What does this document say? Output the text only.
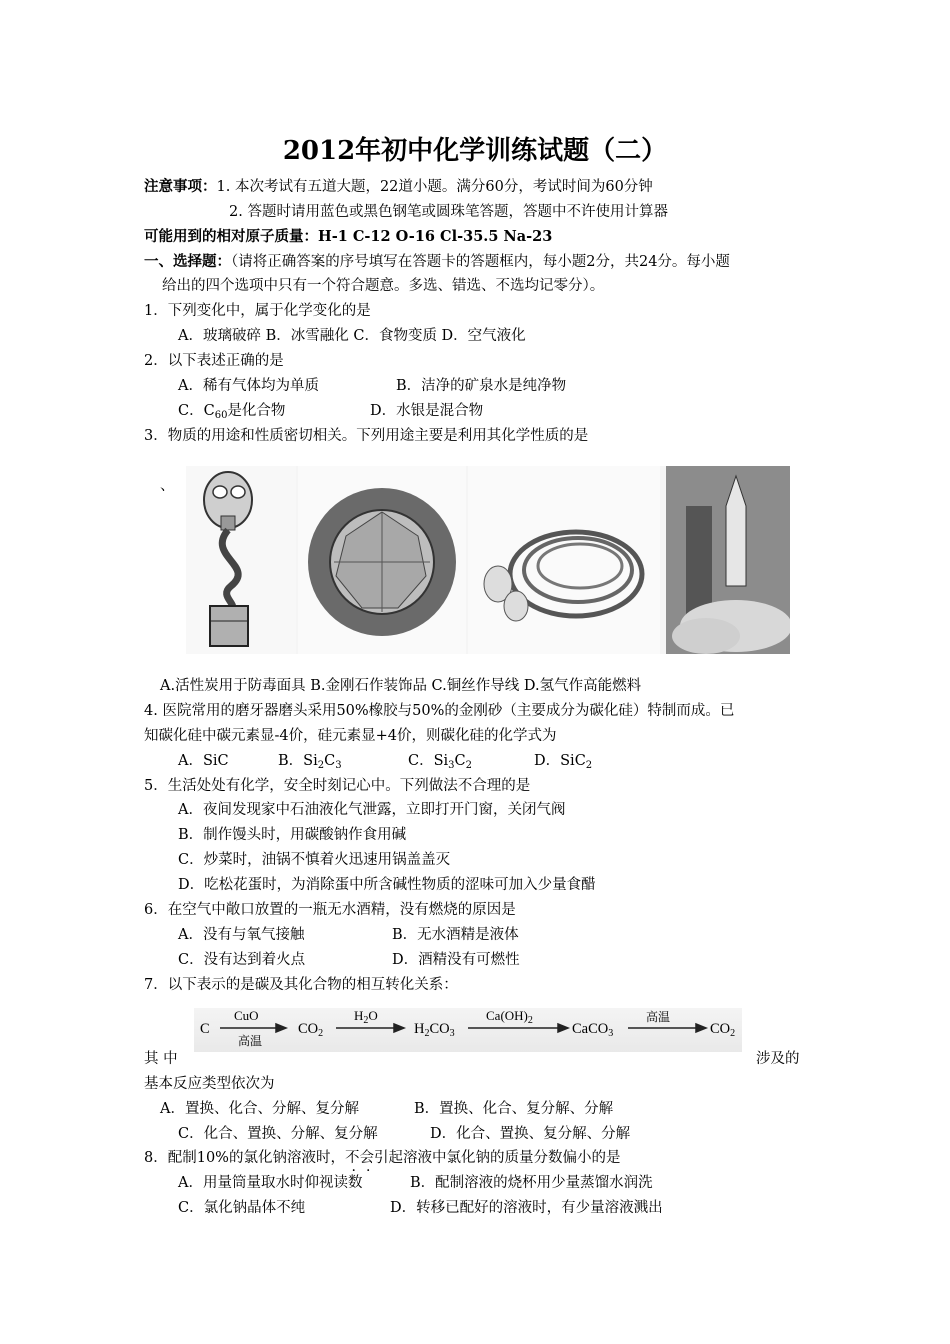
2012年初中化学训练试题（二）
注意事项：1. 本次考试有五道大题，22道小题。满分60分，考试时间为60分钟
2. 答题时请用蓝色或黑色钢笔或圆珠笔答题，答题中不许使用计算器
可能用到的相对原子质量：H-1 C-12 O-16 Cl-35.5 Na-23
一、选择题：（请将正确答案的序号填写在答题卡的答题框内，每小题2分，共24分。每小题
给出的四个选项中只有一个符合题意。多选、错选、不选均记零分）。
1．下列变化中，属于化学变化的是
A．玻璃破碎 B．冰雪融化 C．食物变质 D．空气液化
2．以下表述正确的是
A．稀有气体均为单质	B．洁净的矿泉水是纯净物
C．$C_{60}$是化合物	D．水银是混合物
3．物质的用途和性质密切相关。下列用途主要是利用其化学性质的是
、
A.活性炭用于防毒面具 B.金刚石作装饰品 C.铜丝作导线 D.氢气作高能燃料
4. 医院常用的磨牙器磨头采用50%橡胶与50%的金刚砂（主要成分为碳化硅）特制而成。已
知碳化硅中碳元素显-4价，硅元素显+4价，则碳化硅的化学式为
A．SiC	B．$Si_2C_3$	C．$Si_3C_2$	D．SiC$_2$
5．生活处处有化学，安全时刻记心中。下列做法不合理的是
A．夜间发现家中石油液化气泄露，立即打开门窗，关闭气阀
B．制作馒头时，用碳酸钠作食用碱
C．炒菜时，油锅不慎着火迅速用锅盖盖灭
D．吃松花蛋时，为消除蛋中所含碱性物质的涩味可加入少量食醋
6．在空气中敞口放置的一瓶无水酒精，没有燃烧的原因是
A．没有与氧气接触	B．无水酒精是液体
C．没有达到着火点	D．酒精没有可燃性
7．以下表示的是碳及其化合物的相互转化关系：
C
CuO
高温
$CO_2$
$H_2O$
$H_2CO_3$
$Ca(OH)_2$
CaCO$_3$
高温
$CO_2$
其 中	涉及的
基本反应类型依次为
A．置换、化合、分解、复分解	B．置换、化合、复分解、分解
C．化合、置换、分解、复分解	D．化合、置换、复分解、分解
8．配制10%的氯化钠溶液时，不会引起溶液中氯化钠的质量分数偏小的是
A．用量筒量取水时仰视读数	B．配制溶液的烧杯用少量蒸馏水润洗
C．氯化钠晶体不纯	D．转移已配好的溶液时，有少量溶液溅出
